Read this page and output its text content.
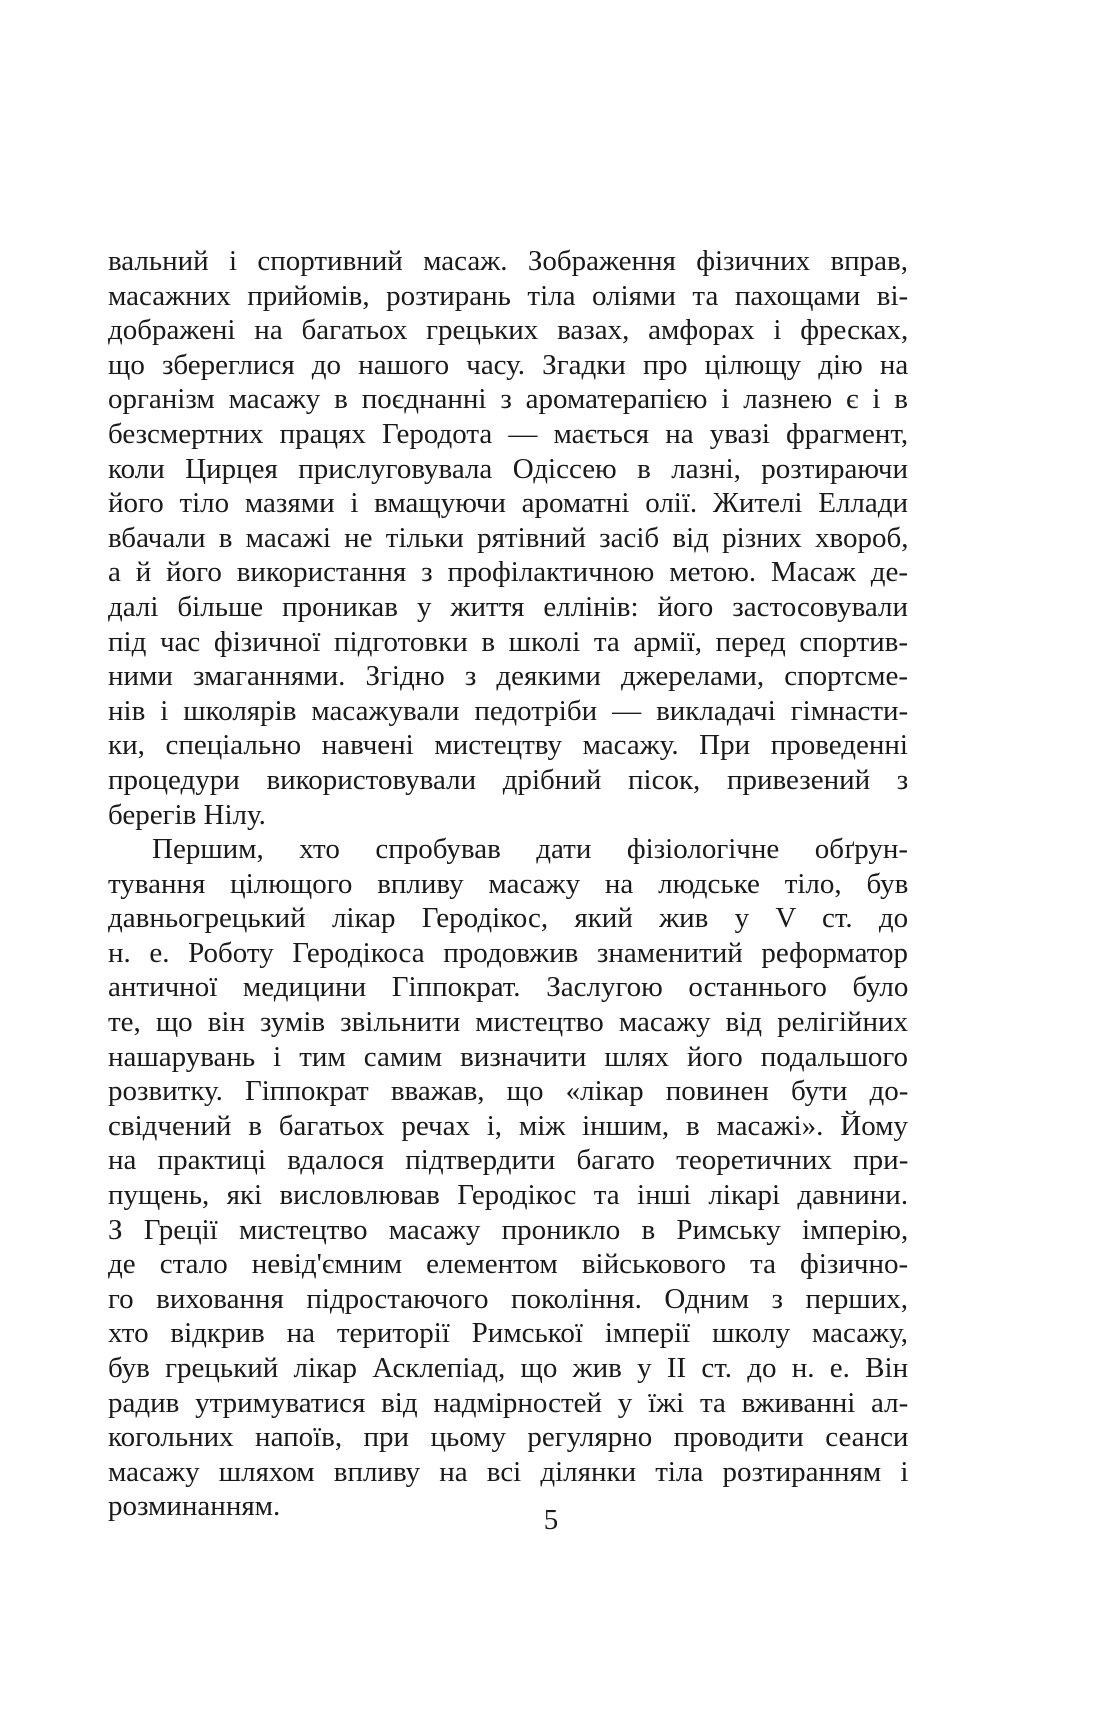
вальний і спортивний масаж. Зображення фізичних вправ,
масажних прийомів, розтирань тіла оліями та пахощами ві-
дображені на багатьох грецьких вазах, амфорах і фресках,
що збереглися до нашого часу. Згадки про цілющу дію на
організм масажу в поєднанні з ароматерапією і лазнею є і в
безсмертних працях Геродота — мається на увазі фрагмент,
коли Цирцея прислуговувала Одіссею в лазні, розтираючи
його тіло мазями і вмащуючи ароматні олії. Жителі Еллади
вбачали в масажі не тільки рятівний засіб від різних хвороб,
а й його використання з профілактичною метою. Масаж де-
далі більше проникав у життя еллінів: його застосовували
під час фізичної підготовки в школі та армії, перед спортив-
ними змаганнями. Згідно з деякими джерелами, спортсме-
нів і школярів масажували педотріби — викладачі гімнасти-
ки, спеціально навчені мистецтву масажу. При проведенні
процедури використовували дрібний пісок, привезений з
берегів Нілу.

Першим, хто спробував дати фізіологічне обґрун-
тування цілющого впливу масажу на людське тіло, був
давньогрецький лікар Геродікос, який жив у V ст. до
н. е. Роботу Геродікоса продовжив знаменитий реформатор
античної медицини Гіппократ. Заслугою останнього було
те, що він зумів звільнити мистецтво масажу від релігійних
нашарувань і тим самим визначити шлях його подальшого
розвитку. Гіппократ вважав, що «лікар повинен бути до-
свідчений в багатьох речах і, між іншим, в масажі». Йому
на практиці вдалося підтвердити багато теоретичних при-
пущень, які висловлював Геродікос та інші лікарі давнини.
З Греції мистецтво масажу проникло в Римську імперію,
де стало невід'ємним елементом військового та фізично-
го виховання підростаючого покоління. Одним з перших,
хто відкрив на території Римської імперії школу масажу,
був грецький лікар Асклепіад, що жив у II ст. до н. е. Він
радив утримуватися від надмірностей у їжі та вживанні ал-
когольних напоїв, при цьому регулярно проводити сеанси
масажу шляхом впливу на всі ділянки тіла розтиранням і
розминанням.	5
